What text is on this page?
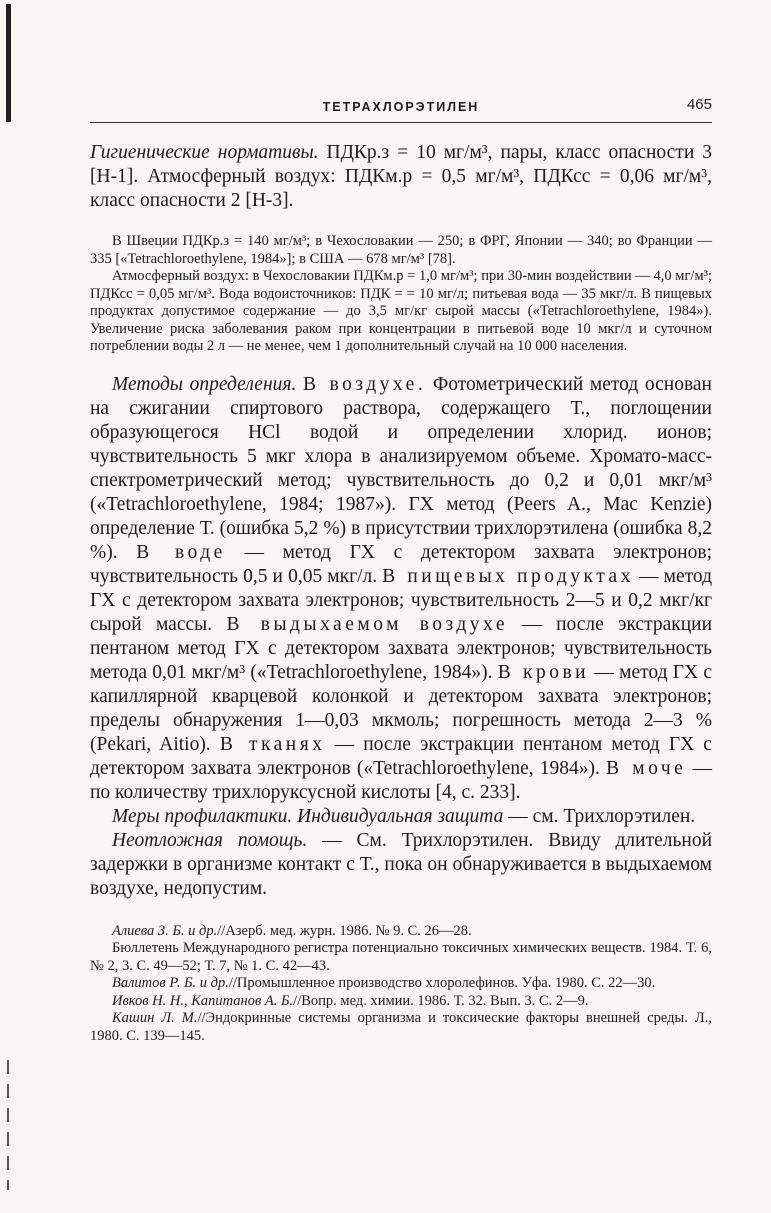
ТЕТРАХЛОРЭТИЛЕН	465

Гигиенические нормативы. ПДКр.з = 10 мг/м³, пары, класс опасности 3 [Н-1]. Атмосферный воздух: ПДКм.р = 0,5 мг/м³, ПДКсс = 0,06 мг/м³, класс опасности 2 [Н-3].

В Швеции ПДКр.з = 140 мг/м³; в Чехословакии — 250; в ФРГ, Японии — 340; во Франции — 335 [«Tetrachloroethylene, 1984»]; в США — 678 мг/м³ [78].

Атмосферный воздух: в Чехословакии ПДКм.р = 1,0 мг/м³; при 30-мин воздействии — 4,0 мг/м³; ПДКсс = 0,05 мг/м³. Вода водоисточников: ПДК = = 10 мг/л; питьевая вода — 35 мкг/л. В пищевых продуктах допустимое содержание — до 3,5 мг/кг сырой массы («Tetrachloroethylene, 1984»). Увеличение риска заболевания раком при концентрации в питьевой воде 10 мкг/л и суточном потреблении воды 2 л — не менее, чем 1 дополнительный случай на 10 000 населения.

Методы определения. В воздухе. Фотометрический метод основан на сжигании спиртового раствора, содержащего Т., поглощении образующегося HCl водой и определении хлорид. ионов; чувствительность 5 мкг хлора в анализируемом объеме. Хромато-масс-спектрометрический метод; чувствительность до 0,2 и 0,01 мкг/м³ («Tetrachloroethylene, 1984; 1987»). ГХ метод (Peers A., Mac Kenzie) определение Т. (ошибка 5,2 %) в присутствии трихлорэтилена (ошибка 8,2 %). В воде — метод ГХ с детектором захвата электронов; чувствительность 0,5 и 0,05 мкг/л. В пищевых продуктах — метод ГХ с детектором захвата электронов; чувствительность 2—5 и 0,2 мкг/кг сырой массы. В выдыхаемом воздухе — после экстракции пентаном метод ГХ с детектором захвата электронов; чувствительность метода 0,01 мкг/м³ («Tetrachloroethylene, 1984»). В крови — метод ГХ с капиллярной кварцевой колонкой и детектором захвата электронов; пределы обнаружения 1—0,03 мкмоль; погрешность метода 2—3 % (Pekari, Aitio). В тканях — после экстракции пентаном метод ГХ с детектором захвата электронов («Tetrachloroethylene, 1984»). В моче — по количеству трихлоруксусной кислоты [4, с. 233].

Меры профилактики. Индивидуальная защита — см. Трихлорэтилен.

Неотложная помощь. — См. Трихлорэтилен. Ввиду длительной задержки в организме контакт с Т., пока он обнаруживается в выдыхаемом воздухе, недопустим.

Алиева З. Б. и др.//Азерб. мед. журн. 1986. № 9. С. 26—28.

Бюллетень Международного регистра потенциально токсичных химических веществ. 1984. Т. 6, № 2, 3. С. 49—52; Т. 7, № 1. С. 42—43.

Валитов Р. Б. и др.//Промышленное производство хлоролефинов. Уфа. 1980. С. 22—30.

Ивков Н. Н., Капитанов А. Б.//Вопр. мед. химии. 1986. Т. 32. Вып. 3. С. 2—9.

Кашин Л. М.//Эндокринные системы организма и токсические факторы внешней среды. Л., 1980. С. 139—145.
